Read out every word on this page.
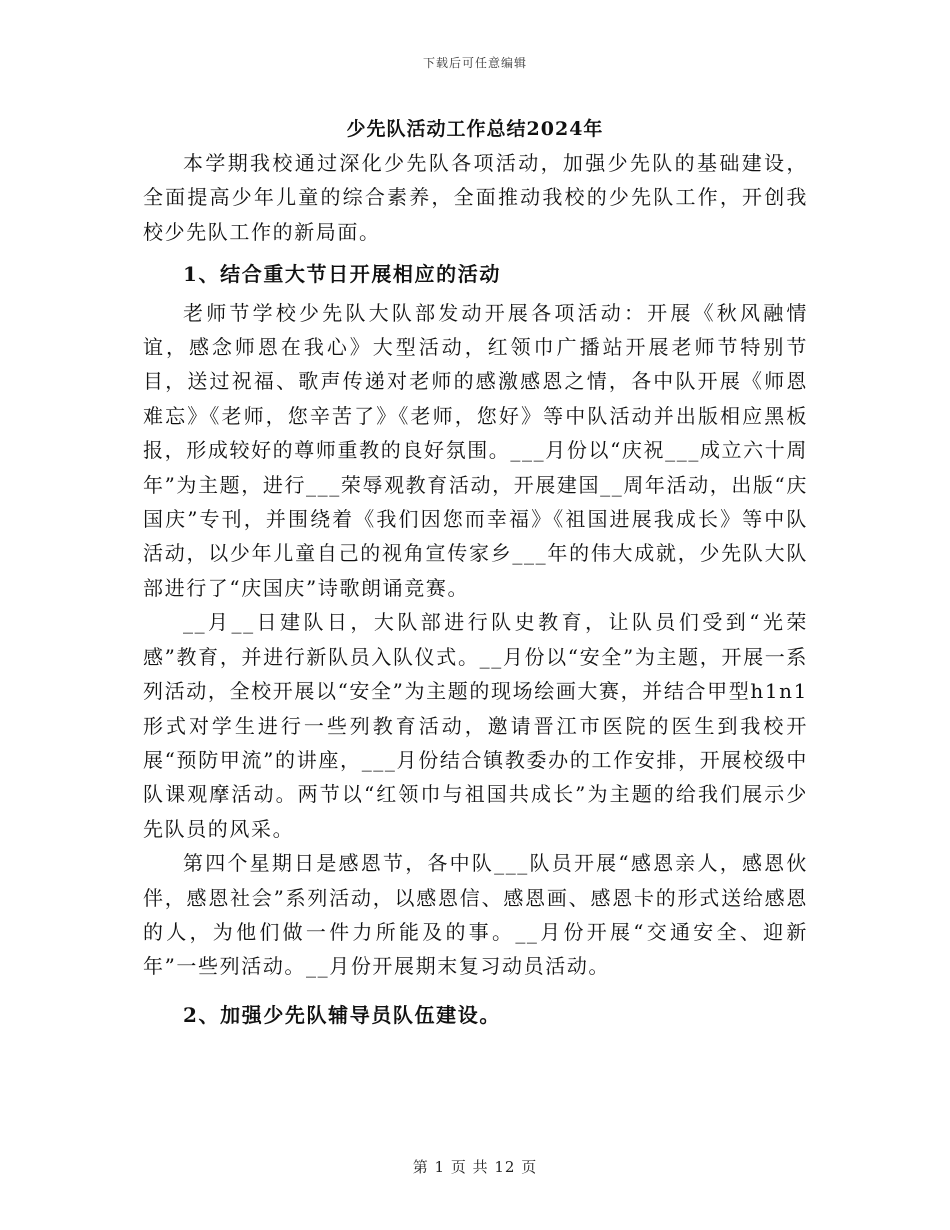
下载后可任意编辑
少先队活动工作总结2024年

本学期我校通过深化少先队各项活动，加强少先队的基础建设，全面提高少年儿童的综合素养，全面推动我校的少先队工作，开创我校少先队工作的新局面。

1、结合重大节日开展相应的活动

老师节学校少先队大队部发动开展各项活动：开展《秋风融情谊，感念师恩在我心》大型活动，红领巾广播站开展老师节特别节目，送过祝福、歌声传递对老师的感激感恩之情，各中队开展《师恩难忘》《老师，您辛苦了》《老师，您好》等中队活动并出版相应黑板报，形成较好的尊师重教的良好氛围。___月份以“庆祝___成立六十周年”为主题，进行___荣辱观教育活动，开展建国__周年活动，出版“庆国庆”专刊，并围绕着《我们因您而幸福》《祖国进展我成长》等中队活动，以少年儿童自己的视角宣传家乡___年的伟大成就，少先队大队部进行了“庆国庆”诗歌朗诵竞赛。

__月__日建队日，大队部进行队史教育，让队员们受到“光荣感”教育，并进行新队员入队仪式。__月份以“安全”为主题，开展一系列活动，全校开展以“安全”为主题的现场绘画大赛，并结合甲型h1n1形式对学生进行一些列教育活动，邀请晋江市医院的医生到我校开展“预防甲流”的讲座，___月份结合镇教委办的工作安排，开展校级中队课观摩活动。两节以“红领巾与祖国共成长”为主题的给我们展示少先队员的风采。

第四个星期日是感恩节，各中队___队员开展“感恩亲人，感恩伙伴，感恩社会”系列活动，以感恩信、感恩画、感恩卡的形式送给感恩的人，为他们做一件力所能及的事。__月份开展“交通安全、迎新年”一些列活动。__月份开展期末复习动员活动。

2、加强少先队辅导员队伍建设。
第 1 页 共 12 页
